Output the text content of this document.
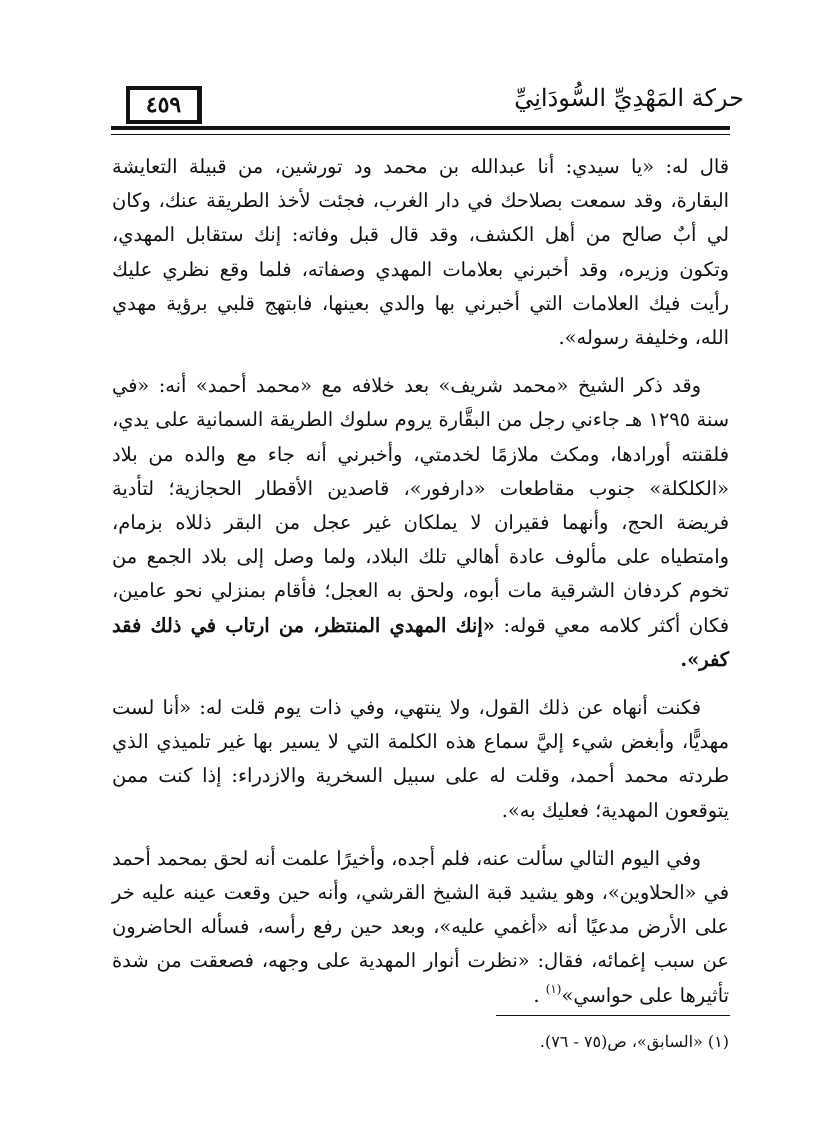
حركة المَهْدِيِّ السُّودَانِيِّ
٤٥٩

قال له: «يا سيدي: أنا عبدالله بن محمد ود تورشين، من قبيلة التعايشة البقارة، وقد سمعت بصلاحك في دار الغرب، فجئت لأخذ الطريقة عنك، وكان لي أبٌ صالح من أهل الكشف، وقد قال قبل وفاته: إنك ستقابل المهدي، وتكون وزيره، وقد أخبرني بعلامات المهدي وصفاته، فلما وقع نظري عليك رأيت فيك العلامات التي أخبرني بها والدي بعينها، فابتهج قلبي برؤية مهدي الله، وخليفة رسوله».

وقد ذكر الشيخ «محمد شريف» بعد خلافه مع «محمد أحمد» أنه: «في سنة ١٢٩٥ هـ جاءني رجل من البقَّارة يروم سلوك الطريقة السمانية على يدي، فلقنته أورادها، ومكث ملازمًا لخدمتي، وأخبرني أنه جاء مع والده من بلاد «الكلكلة» جنوب مقاطعات «دارفور»، قاصدين الأقطار الحجازية؛ لتأدية فريضة الحج، وأنهما فقيران لا يملكان غير عجل من البقر ذللاه بزمام، وامتطياه على مألوف عادة أهالي تلك البلاد، ولما وصل إلى بلاد الجمع من تخوم كردفان الشرقية مات أبوه، ولحق به العجل؛ فأقام بمنزلي نحو عامين، فكان أكثر كلامه معي قوله: «إنك المهدي المنتظر، من ارتاب في ذلك فقد كفر».

فكنت أنهاه عن ذلك القول، ولا ينتهي، وفي ذات يوم قلت له: «أنا لست مهديًّا، وأبغض شيء إليَّ سماع هذه الكلمة التي لا يسير بها غير تلميذي الذي طردته محمد أحمد، وقلت له على سبيل السخرية والازدراء: إذا كنت ممن يتوقعون المهدية؛ فعليك به».

وفي اليوم التالي سألت عنه، فلم أجده، وأخيرًا علمت أنه لحق بمحمد أحمد في «الحلاوين»، وهو يشيد قبة الشيخ القرشي، وأنه حين وقعت عينه عليه خر على الأرض مدعيًا أنه «أغمي عليه»، وبعد حين رفع رأسه، فسأله الحاضرون عن سبب إغمائه، فقال: «نظرت أنوار المهدية على وجهه، فصعقت من شدة تأثيرها على حواسي»$^{(١)}$ .

(١) «السابق»، ص(٧٥ - ٧٦).
